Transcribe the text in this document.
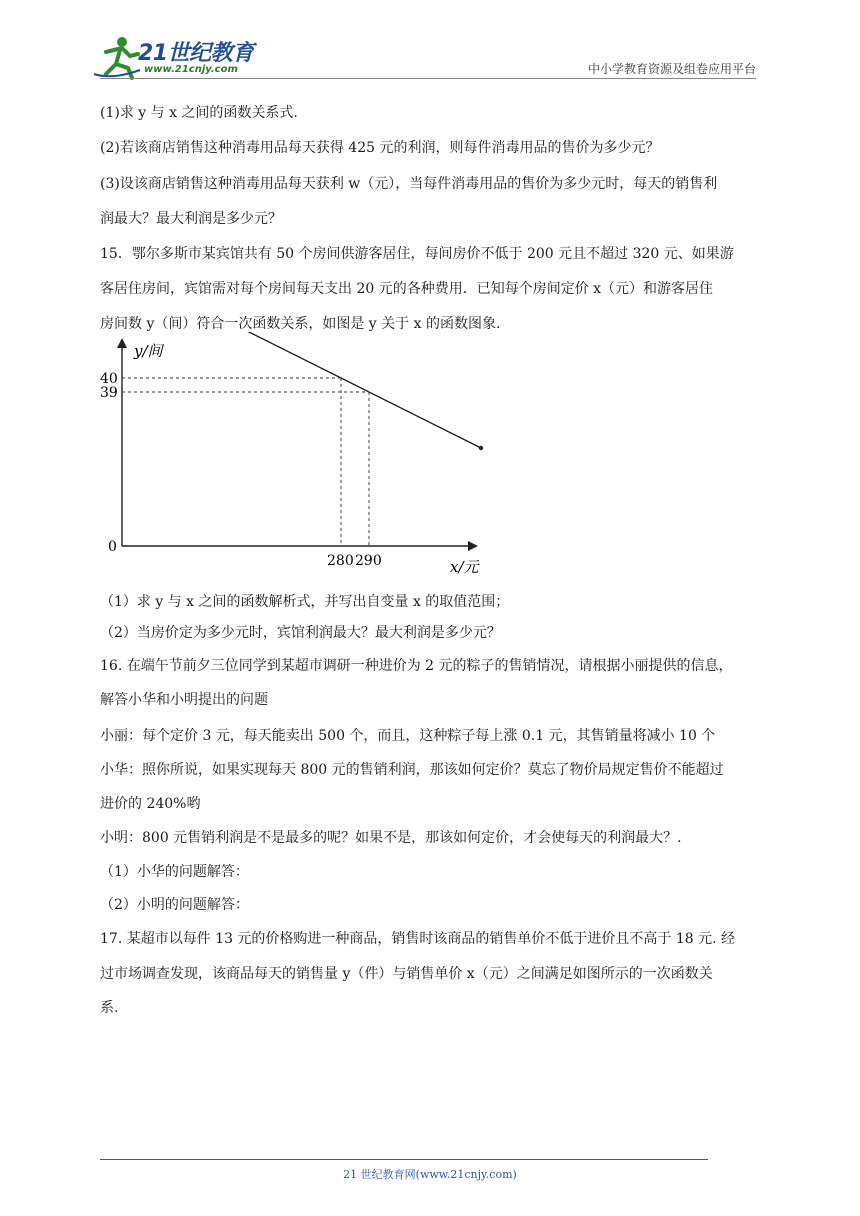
21世纪教育
www.21cnjy.com	中小学教育资源及组卷应用平台

(1)求 y 与 x 之间的函数关系式.

(2)若该商店销售这种消毒用品每天获得 425 元的利润，则每件消毒用品的售价为多少元？

(3)设该商店销售这种消毒用品每天获利 w（元），当每件消毒用品的售价为多少元时，每天的销售利

润最大？最大利润是多少元？

15．鄂尔多斯市某宾馆共有 50 个房间供游客居住，每间房价不低于 200 元且不超过 320 元、如果游

客居住房间，宾馆需对每个房间每天支出 20 元的各种费用．已知每个房间定价 x（元）和游客居住

房间数 y（间）符合一次函数关系，如图是 y 关于 x 的函数图象.

（1）求 y 与 x 之间的函数解析式，并写出自变量 x 的取值范围；

（2）当房价定为多少元时，宾馆利润最大？最大利润是多少元？

16. 在端午节前夕三位同学到某超市调研一种进价为 2 元的粽子的售销情况，请根据小丽提供的信息，

解答小华和小明提出的问题

小丽：每个定价 3 元，每天能卖出 500 个，而且，这种粽子每上涨 0.1 元，其售销量将减小 10 个

小华：照你所说，如果实现每天 800 元的售销利润，那该如何定价？莫忘了物价局规定售价不能超过

进价的 240%哟

小明：800 元售销利润是不是最多的呢？如果不是，那该如何定价，才会使每天的利润最大？.

（1）小华的问题解答：

（2）小明的问题解答：

17. 某超市以每件 13 元的价格购进一种商品，销售时该商品的销售单价不低于进价且不高于 18 元. 经

过市场调查发现，该商品每天的销售量 y（件）与销售单价 x（元）之间满足如图所示的一次函数关

系.

y/间
x/元
0
280
40
290
39
21 世纪教育网(www.21cnjy.com)
